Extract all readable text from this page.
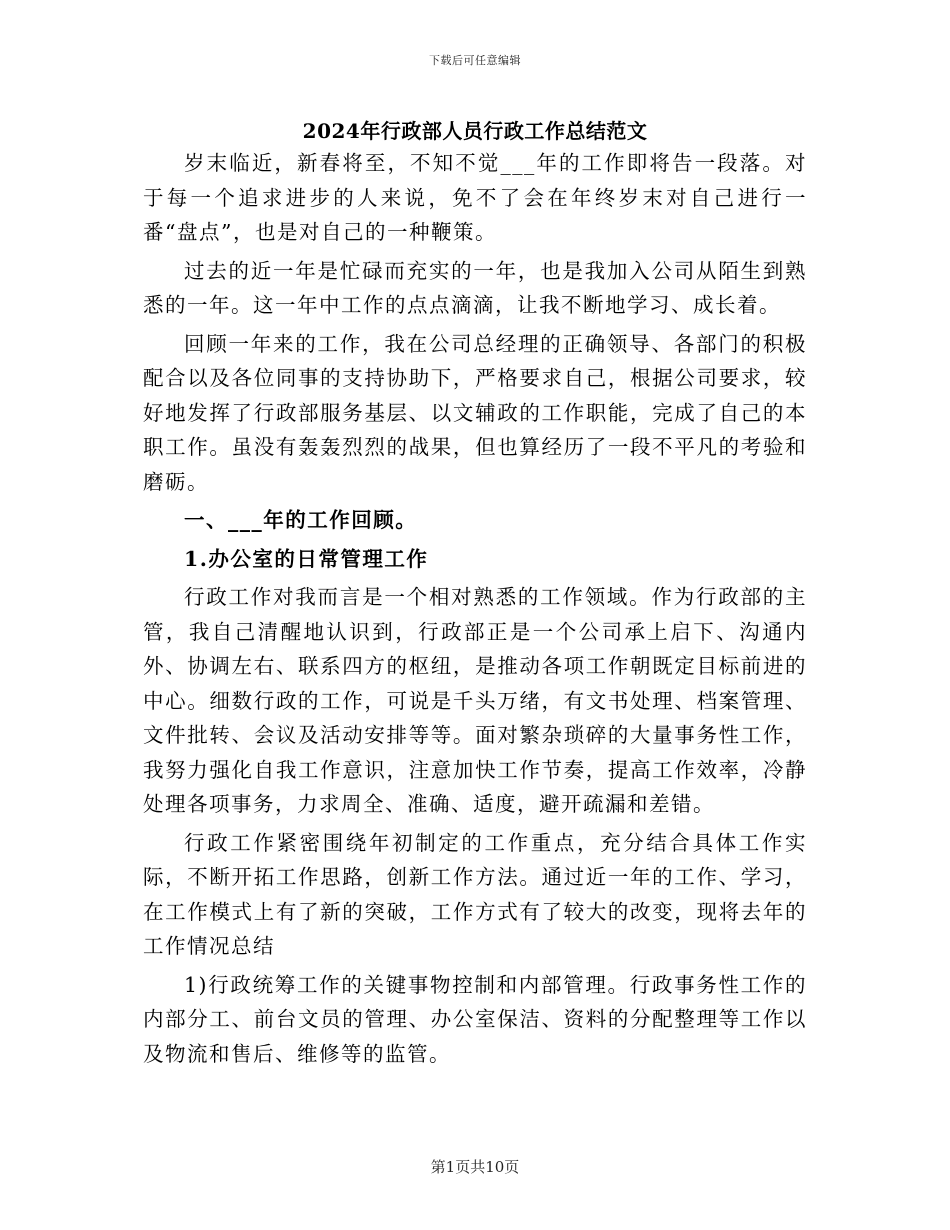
下载后可任意编辑
2024年行政部人员行政工作总结范文

岁末临近，新春将至，不知不觉___年的工作即将告一段落。对于每一个追求进步的人来说，免不了会在年终岁末对自己进行一番“盘点”，也是对自己的一种鞭策。

过去的近一年是忙碌而充实的一年，也是我加入公司从陌生到熟悉的一年。这一年中工作的点点滴滴，让我不断地学习、成长着。

回顾一年来的工作，我在公司总经理的正确领导、各部门的积极配合以及各位同事的支持协助下，严格要求自己，根据公司要求，较好地发挥了行政部服务基层、以文辅政的工作职能，完成了自己的本职工作。虽没有轰轰烈烈的战果，但也算经历了一段不平凡的考验和磨砺。

一、___年的工作回顾。

1.办公室的日常管理工作

行政工作对我而言是一个相对熟悉的工作领域。作为行政部的主管，我自己清醒地认识到，行政部正是一个公司承上启下、沟通内外、协调左右、联系四方的枢纽，是推动各项工作朝既定目标前进的中心。细数行政的工作，可说是千头万绪，有文书处理、档案管理、文件批转、会议及活动安排等等。面对繁杂琐碎的大量事务性工作，我努力强化自我工作意识，注意加快工作节奏，提高工作效率，冷静处理各项事务，力求周全、准确、适度，避开疏漏和差错。

行政工作紧密围绕年初制定的工作重点，充分结合具体工作实际，不断开拓工作思路，创新工作方法。通过近一年的工作、学习，在工作模式上有了新的突破，工作方式有了较大的改变，现将去年的工作情况总结

1)行政统筹工作的关键事物控制和内部管理。行政事务性工作的内部分工、前台文员的管理、办公室保洁、资料的分配整理等工作以及物流和售后、维修等的监管。

第1页共10页
